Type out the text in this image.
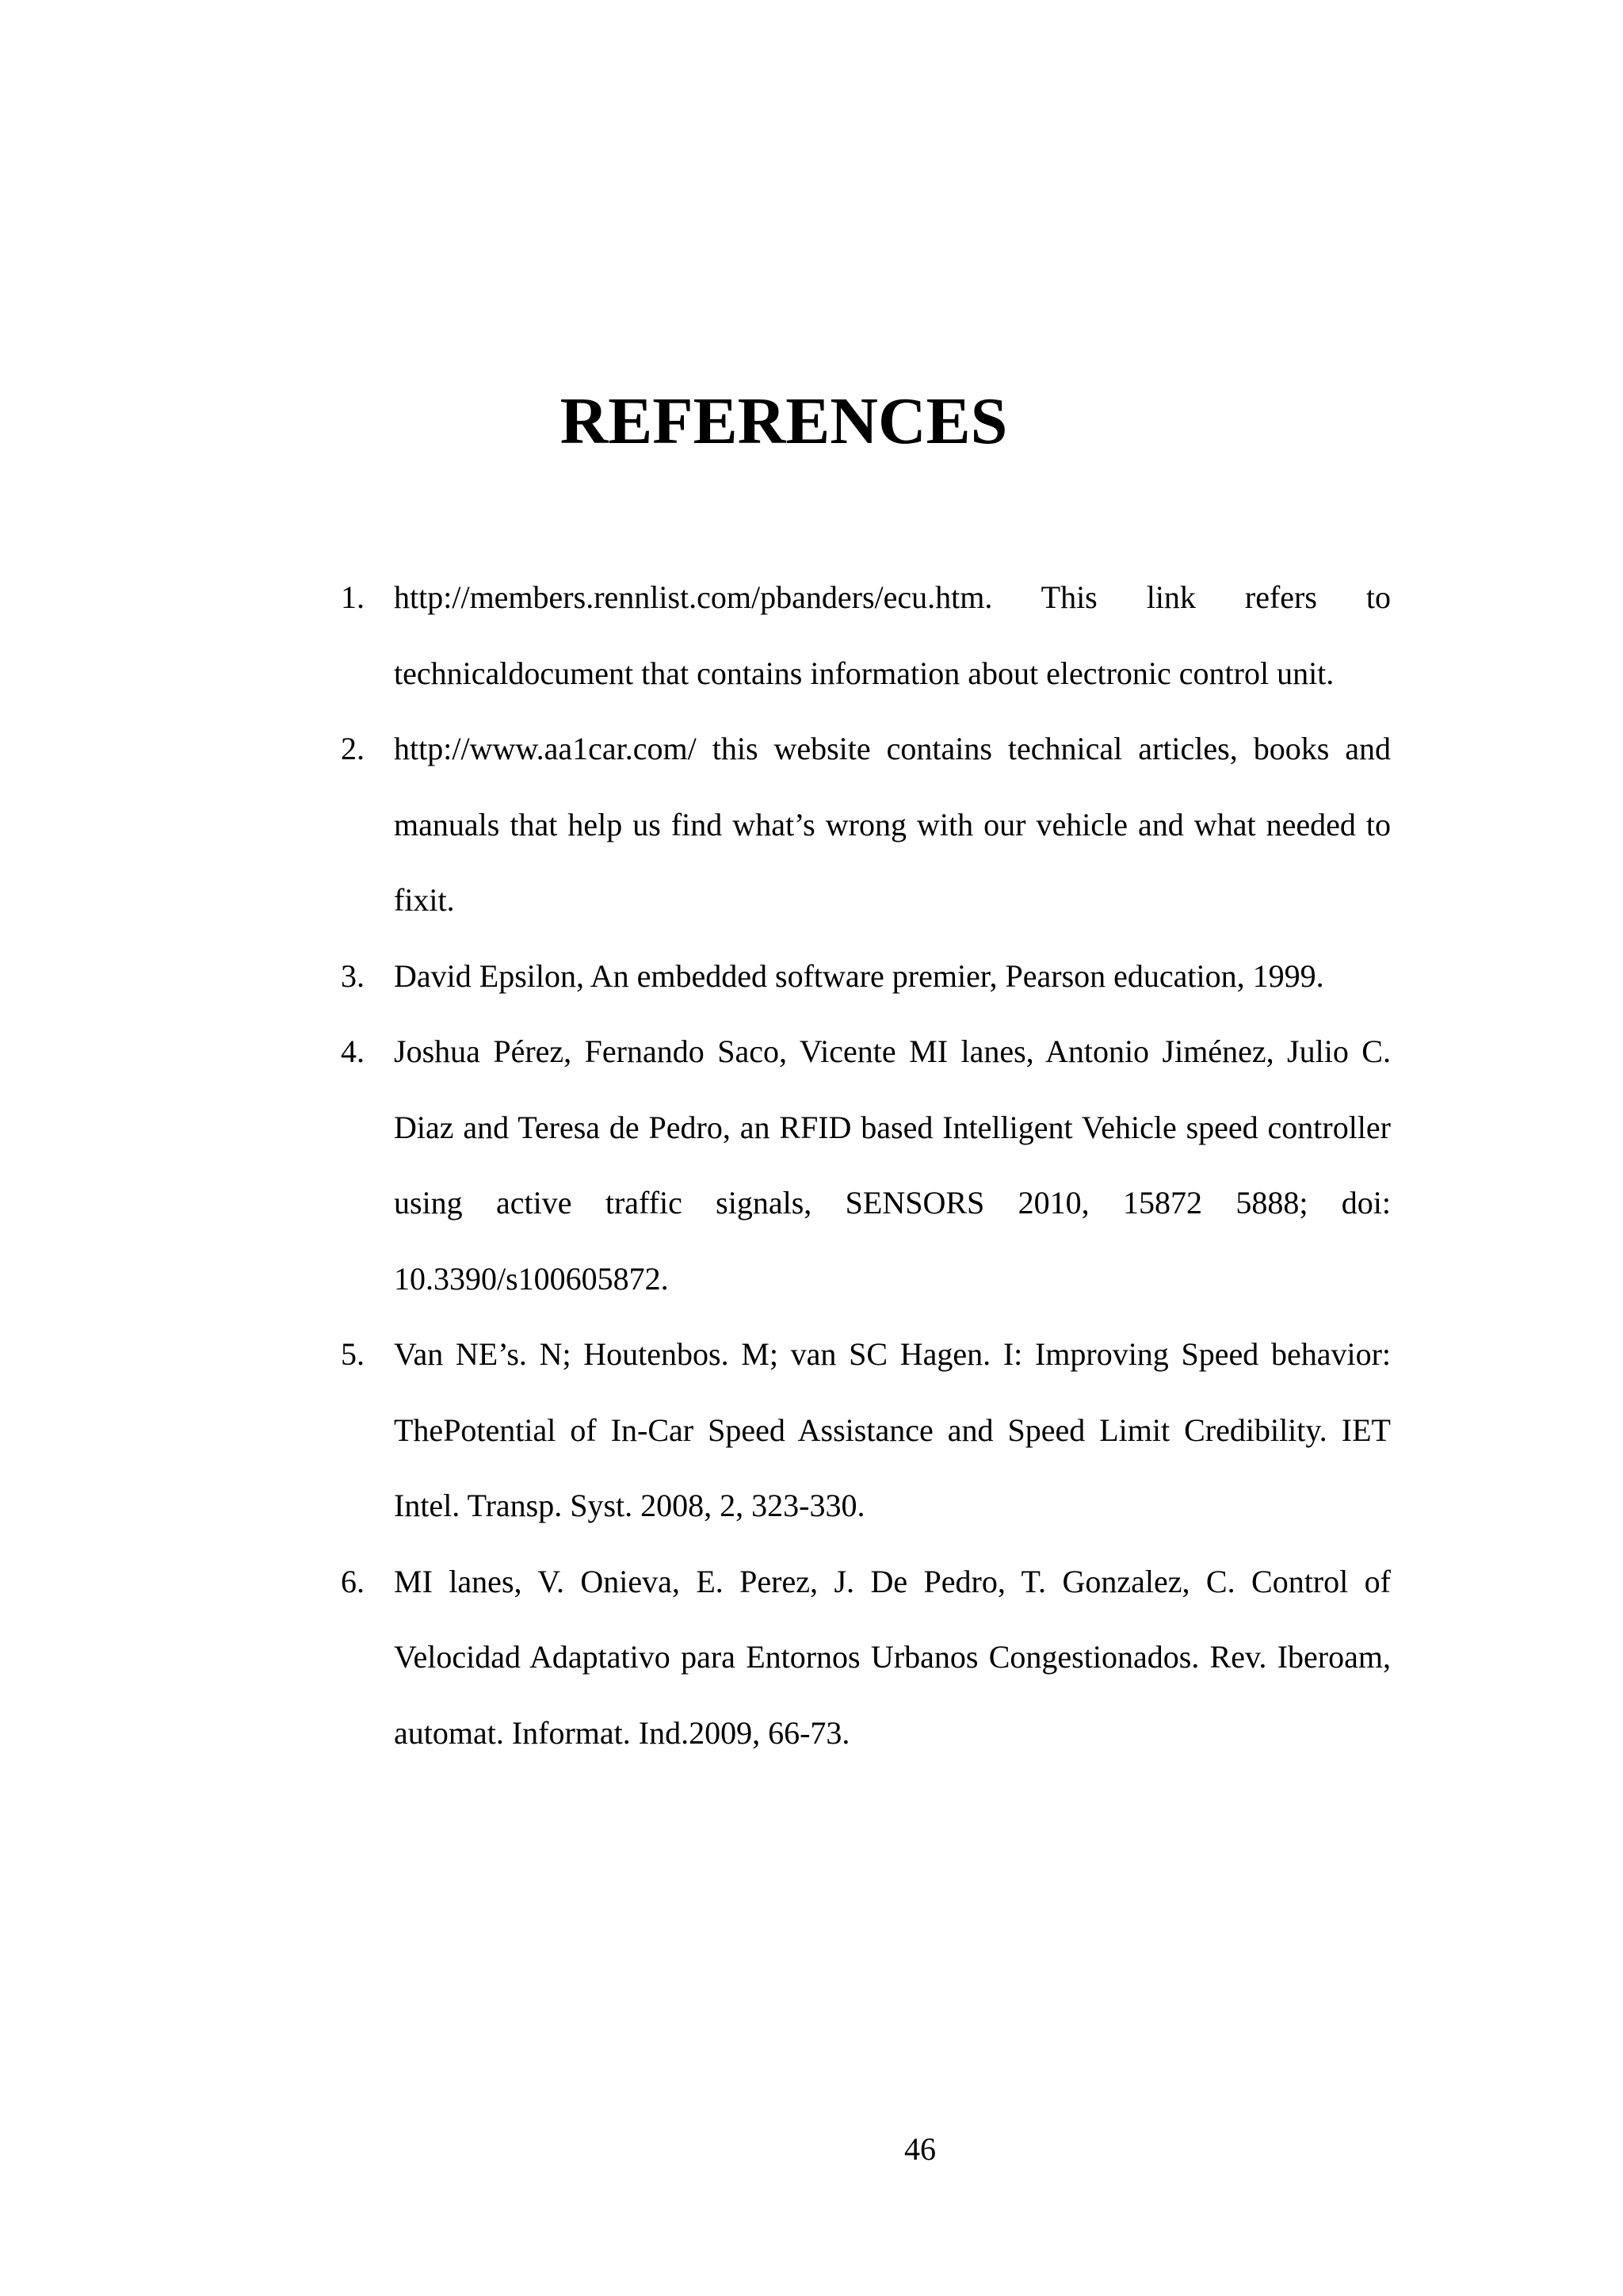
REFERENCES
1. http://members.rennlist.com/pbanders/ecu.htm. This link refers to technicaldocument that contains information about electronic control unit.
2. http://www.aa1car.com/ this website contains technical articles, books and manuals that help us find what’s wrong with our vehicle and what needed to fixit.
3. David Epsilon, An embedded software premier, Pearson education, 1999.
4. Joshua Pérez, Fernando Saco, Vicente MI lanes, Antonio Jiménez, Julio C. Diaz and Teresa de Pedro, an RFID based Intelligent Vehicle speed controller using active traffic signals, SENSORS 2010, 15872 5888; doi: 10.3390/s100605872.
5. Van NE’s. N; Houtenbos. M; van SC Hagen. I: Improving Speed behavior: ThePotential of In-Car Speed Assistance and Speed Limit Credibility. IET Intel. Transp. Syst. 2008, 2, 323-330.
6. MI lanes, V. Onieva, E. Perez, J. De Pedro, T. Gonzalez, C. Control of Velocidad Adaptativo para Entornos Urbanos Congestionados. Rev. Iberoam, automat. Informat. Ind.2009, 66-73.
46
